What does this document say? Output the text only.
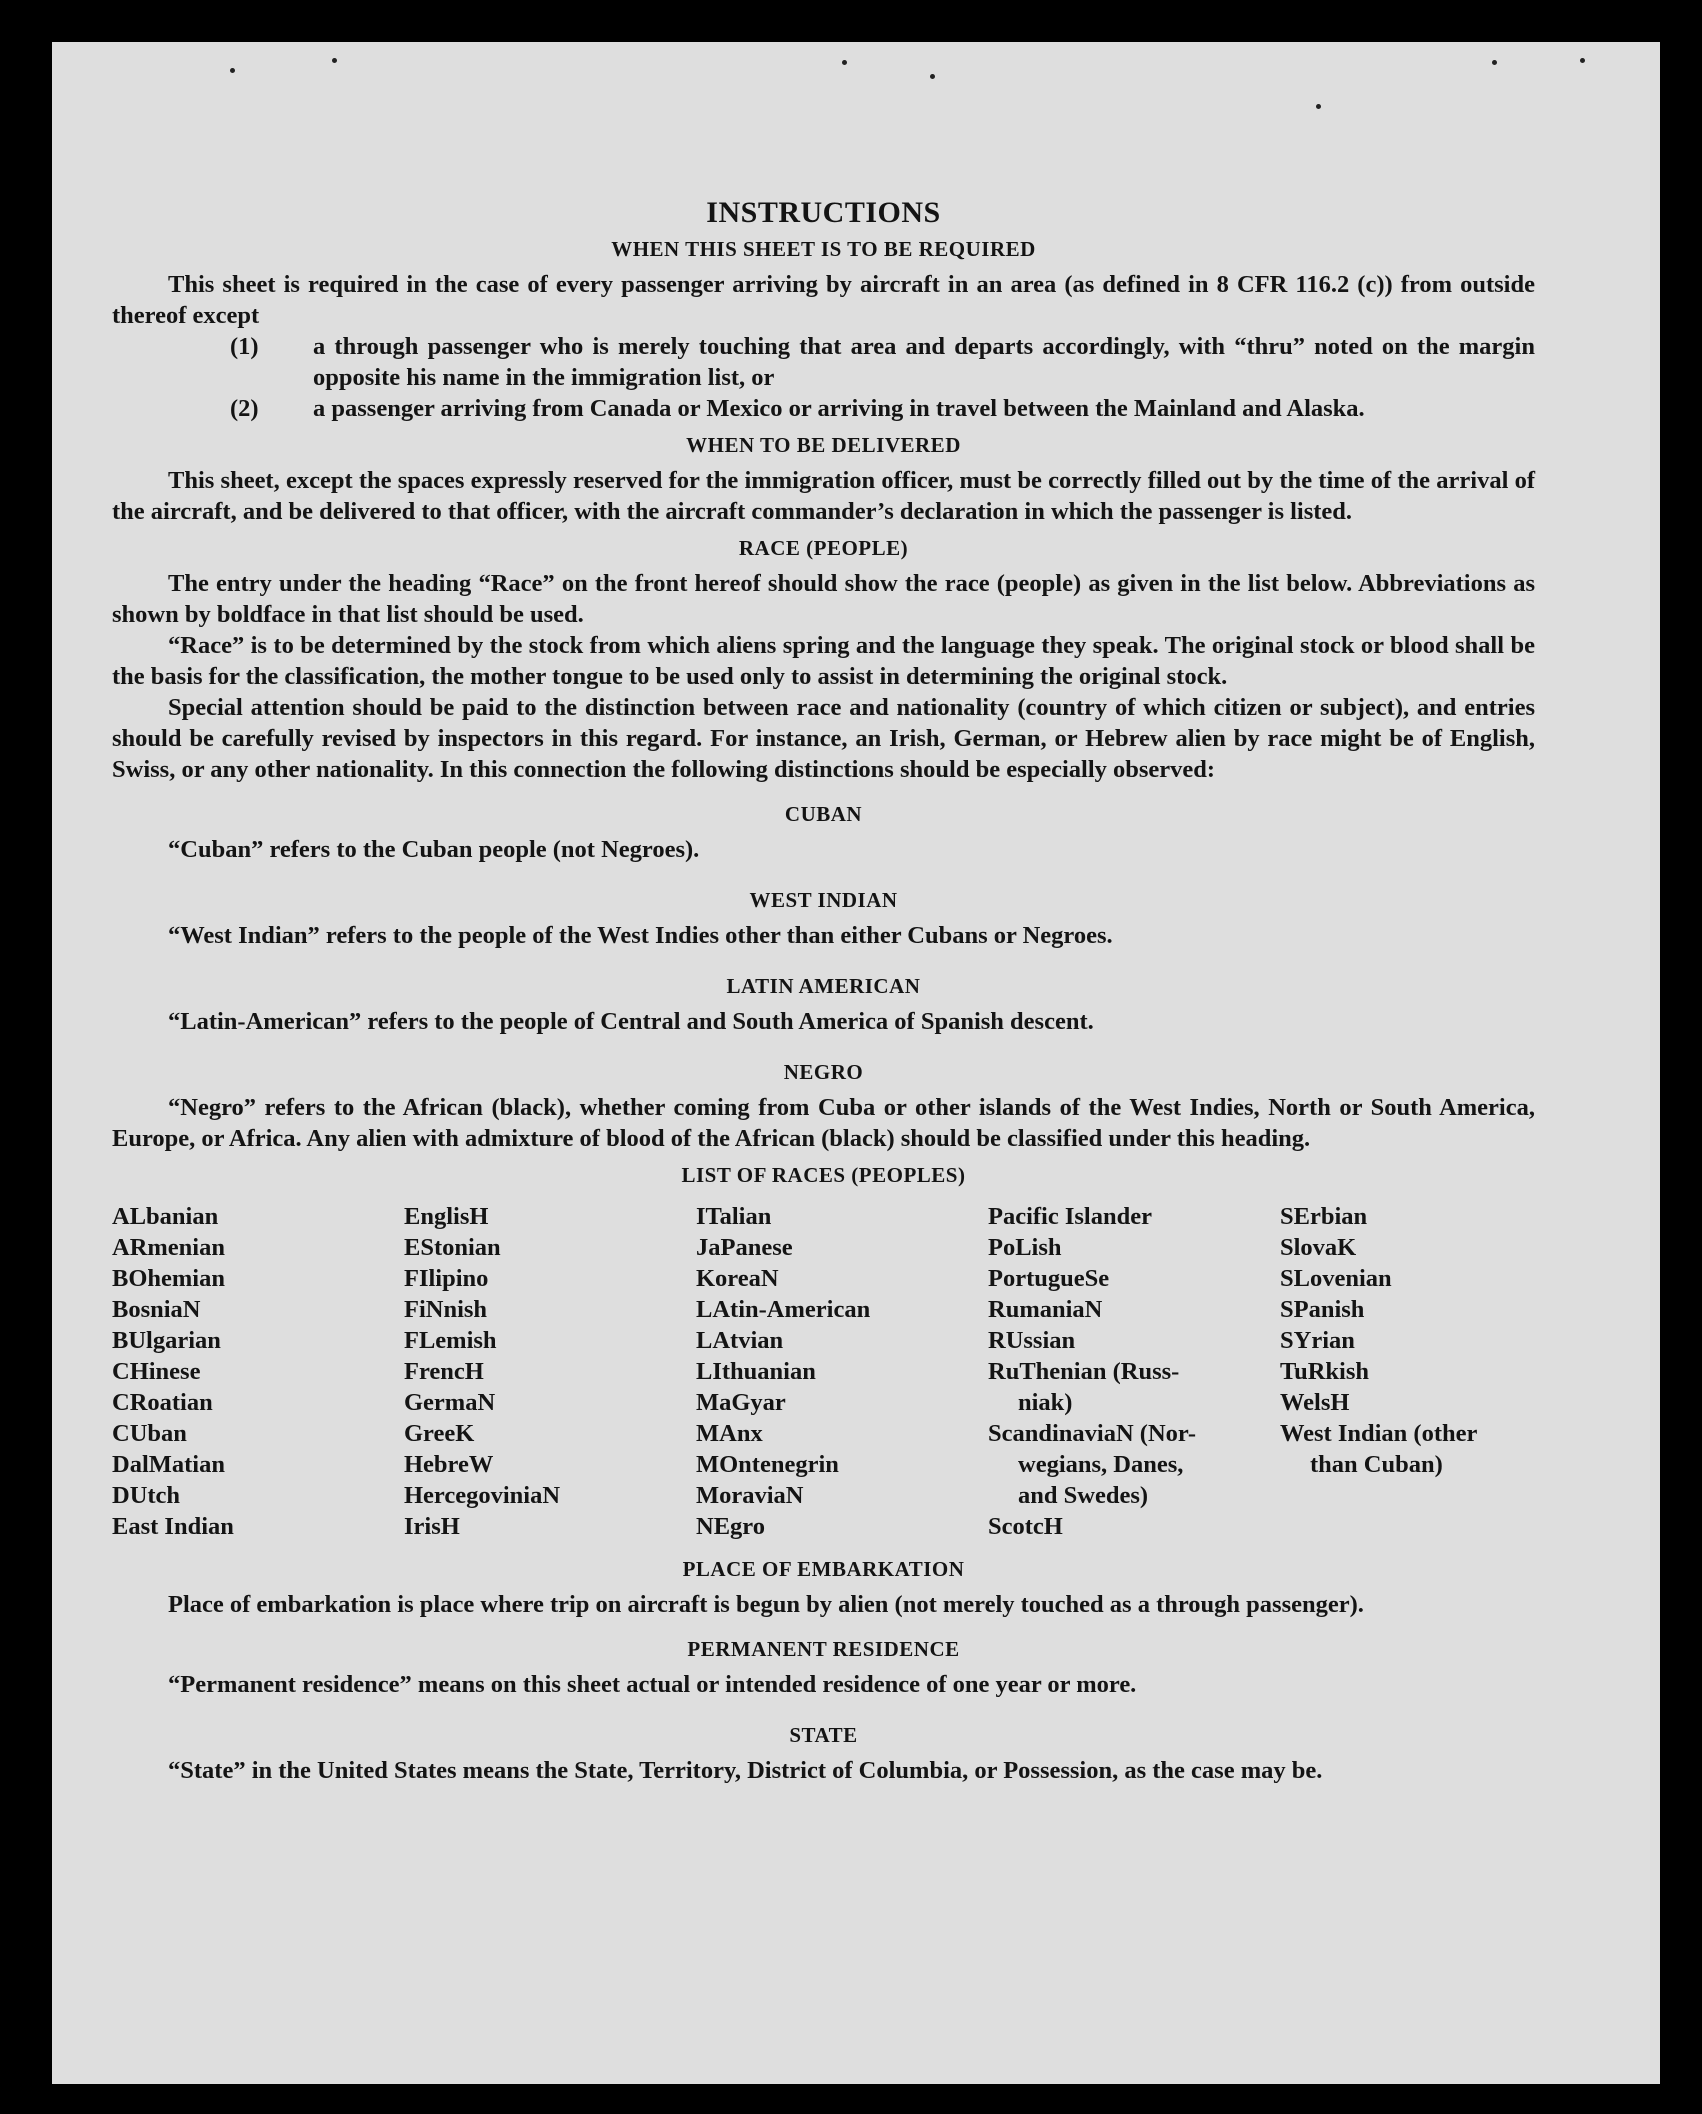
INSTRUCTIONS
WHEN THIS SHEET IS TO BE REQUIRED

This sheet is required in the case of every passenger arriving by aircraft in an area (as defined in 8 CFR 116.2 (c)) from outside thereof except

(1) a through passenger who is merely touching that area and departs accordingly, with “thru” noted on the margin opposite his name in the immigration list, or

(2) a passenger arriving from Canada or Mexico or arriving in travel between the Mainland and Alaska.

WHEN TO BE DELIVERED

This sheet, except the spaces expressly reserved for the immigration officer, must be correctly filled out by the time of the arrival of the aircraft, and be delivered to that officer, with the aircraft commander’s declaration in which the passenger is listed.

RACE (PEOPLE)

The entry under the heading “Race” on the front hereof should show the race (people) as given in the list below. Abbreviations as shown by boldface in that list should be used.

“Race” is to be determined by the stock from which aliens spring and the language they speak. The original stock or blood shall be the basis for the classification, the mother tongue to be used only to assist in determining the original stock.

Special attention should be paid to the distinction between race and nationality (country of which citizen or subject), and entries should be carefully revised by inspectors in this regard. For instance, an Irish, German, or Hebrew alien by race might be of English, Swiss, or any other nationality. In this connection the following distinctions should be especially observed:

CUBAN

“Cuban” refers to the Cuban people (not Negroes).

WEST INDIAN

“West Indian” refers to the people of the West Indies other than either Cubans or Negroes.

LATIN AMERICAN

“Latin-American” refers to the people of Central and South America of Spanish descent.

NEGRO

“Negro” refers to the African (black), whether coming from Cuba or other islands of the West Indies, North or South America, Europe, or Africa. Any alien with admixture of blood of the African (black) should be classified under this heading.

LIST OF RACES (PEOPLES)
ALbanian
ARmenian
BOhemian
BosniaN
BUlgarian
CHinese
CRoatian
CUban
DalMatian
DUtch
East Indian
EnglisH
EStonian
FIlipino
FiNnish
FLemish
FrencH
GermaN
GreeK
HebreW
HercegoviniaN
IrisH
ITalian
JaPanese
KoreaN
LAtin-American
LAtvian
LIthuanian
MaGyar
MAnx
MOntenegrin
MoraviaN
NEgro
Pacific Islander
PoLish
PortugueSe
RumaniaN
RUssian
RuThenian (Russ-
niak)
ScandinaviaN (Nor-
wegians, Danes,
and Swedes)
ScotcH
SErbian
SlovaK
SLovenian
SPanish
SYrian
TuRkish
WelsH
West Indian (other
than Cuban)
PLACE OF EMBARKATION

Place of embarkation is place where trip on aircraft is begun by alien (not merely touched as a through passenger).

PERMANENT RESIDENCE

“Permanent residence” means on this sheet actual or intended residence of one year or more.

STATE

“State” in the United States means the State, Territory, District of Columbia, or Possession, as the case may be.
